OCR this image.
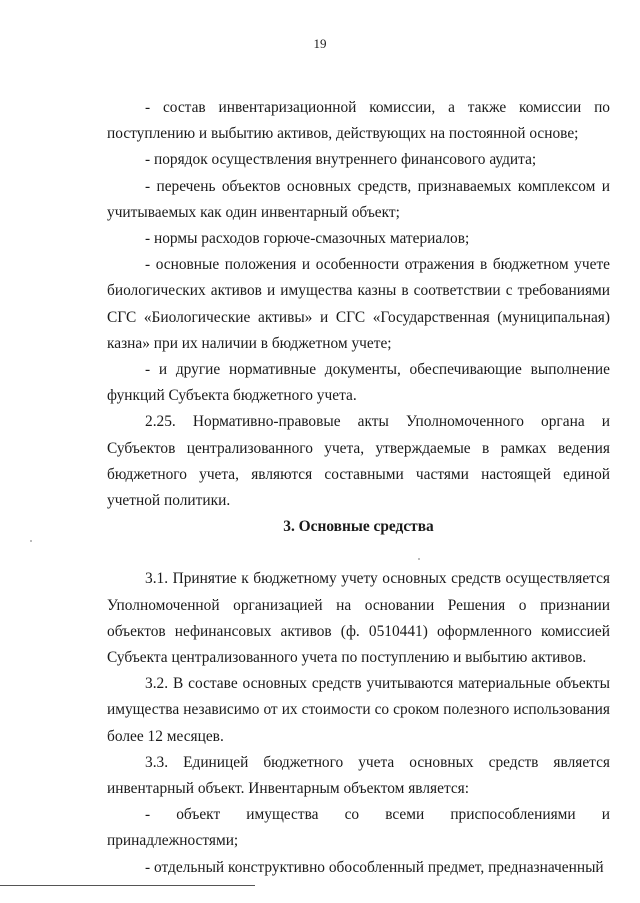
19

- состав инвентаризационной комиссии, а также комиссии по поступлению и выбытию активов, действующих на постоянной основе;

- порядок осуществления внутреннего финансового аудита;

- перечень объектов основных средств, признаваемых комплексом и учитываемых как один инвентарный объект;

- нормы расходов горюче-смазочных материалов;

- основные положения и особенности отражения в бюджетном учете биологических активов и имущества казны в соответствии с требованиями СГС «Биологические активы» и СГС «Государственная (муниципальная) казна» при их наличии в бюджетном учете;

- и другие нормативные документы, обеспечивающие выполнение функций Субъекта бюджетного учета.

2.25. Нормативно-правовые акты Уполномоченного органа и Субъектов централизованного учета, утверждаемые в рамках ведения бюджетного учета, являются составными частями настоящей единой учетной политики.

3. Основные средства

3.1. Принятие к бюджетному учету основных средств осуществляется Уполномоченной организацией на основании Решения о признании объектов нефинансовых активов (ф. 0510441) оформленного комиссией Субъекта централизованного учета по поступлению и выбытию активов.

3.2. В составе основных средств учитываются материальные объекты имущества независимо от их стоимости со сроком полезного использования более 12 месяцев.

3.3. Единицей бюджетного учета основных средств является инвентарный объект. Инвентарным объектом является:

- объект имущества со всеми приспособлениями и принадлежностями;

- отдельный конструктивно обособленный предмет, предназначенный
